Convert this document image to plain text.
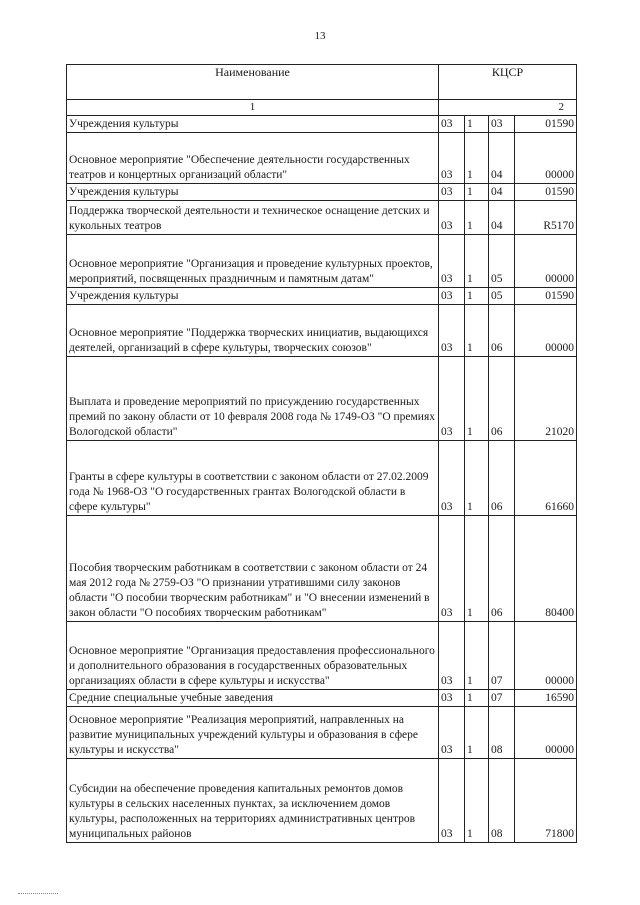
13
Наименование	КЦСР			
1	2			
Учреждения культуры	03	1	03	01590
Основное мероприятие "Обеспечение деятельности государственных театров и концертных организаций области"	03	1	04	00000
Учреждения культуры	03	1	04	01590
Поддержка творческой деятельности и техническое оснащение детских и кукольных театров	03	1	04	R5170
Основное мероприятие "Организация и проведение культурных проектов, мероприятий, посвященных праздничным и памятным датам"	03	1	05	00000
Учреждения культуры	03	1	05	01590
Основное мероприятие "Поддержка творческих инициатив, выдающихся деятелей, организаций в сфере культуры, творческих союзов"	03	1	06	00000
Выплата и проведение мероприятий по присуждению государственных премий по закону области от 10 февраля 2008 года № 1749-ОЗ "О премиях Вологодской области"	03	1	06	21020
Гранты в сфере культуры в соответствии с законом области от 27.02.2009 года № 1968-ОЗ "О государственных грантах Вологодской области в сфере культуры"	03	1	06	61660
Пособия творческим работникам в соответствии с законом области от 24 мая 2012 года № 2759-ОЗ "О признании утратившими силу законов области "О пособии творческим работникам" и "О внесении изменений в закон области "О пособиях творческим работникам"	03	1	06	80400
Основное мероприятие "Организация предоставления профессионального и дополнительного образования в государственных образовательных организациях области в сфере культуры и искусства"	03	1	07	00000
Средние специальные учебные заведения	03	1	07	16590
Основное мероприятие "Реализация мероприятий, направленных на развитие муниципальных учреждений культуры и образования в сфере культуры и искусства"	03	1	08	00000
Субсидии на обеспечение проведения капитальных ремонтов домов культуры в сельских населенных пунктах, за исключением домов культуры, расположенных на территориях административных центров муниципальных районов	03	1	08	71800
